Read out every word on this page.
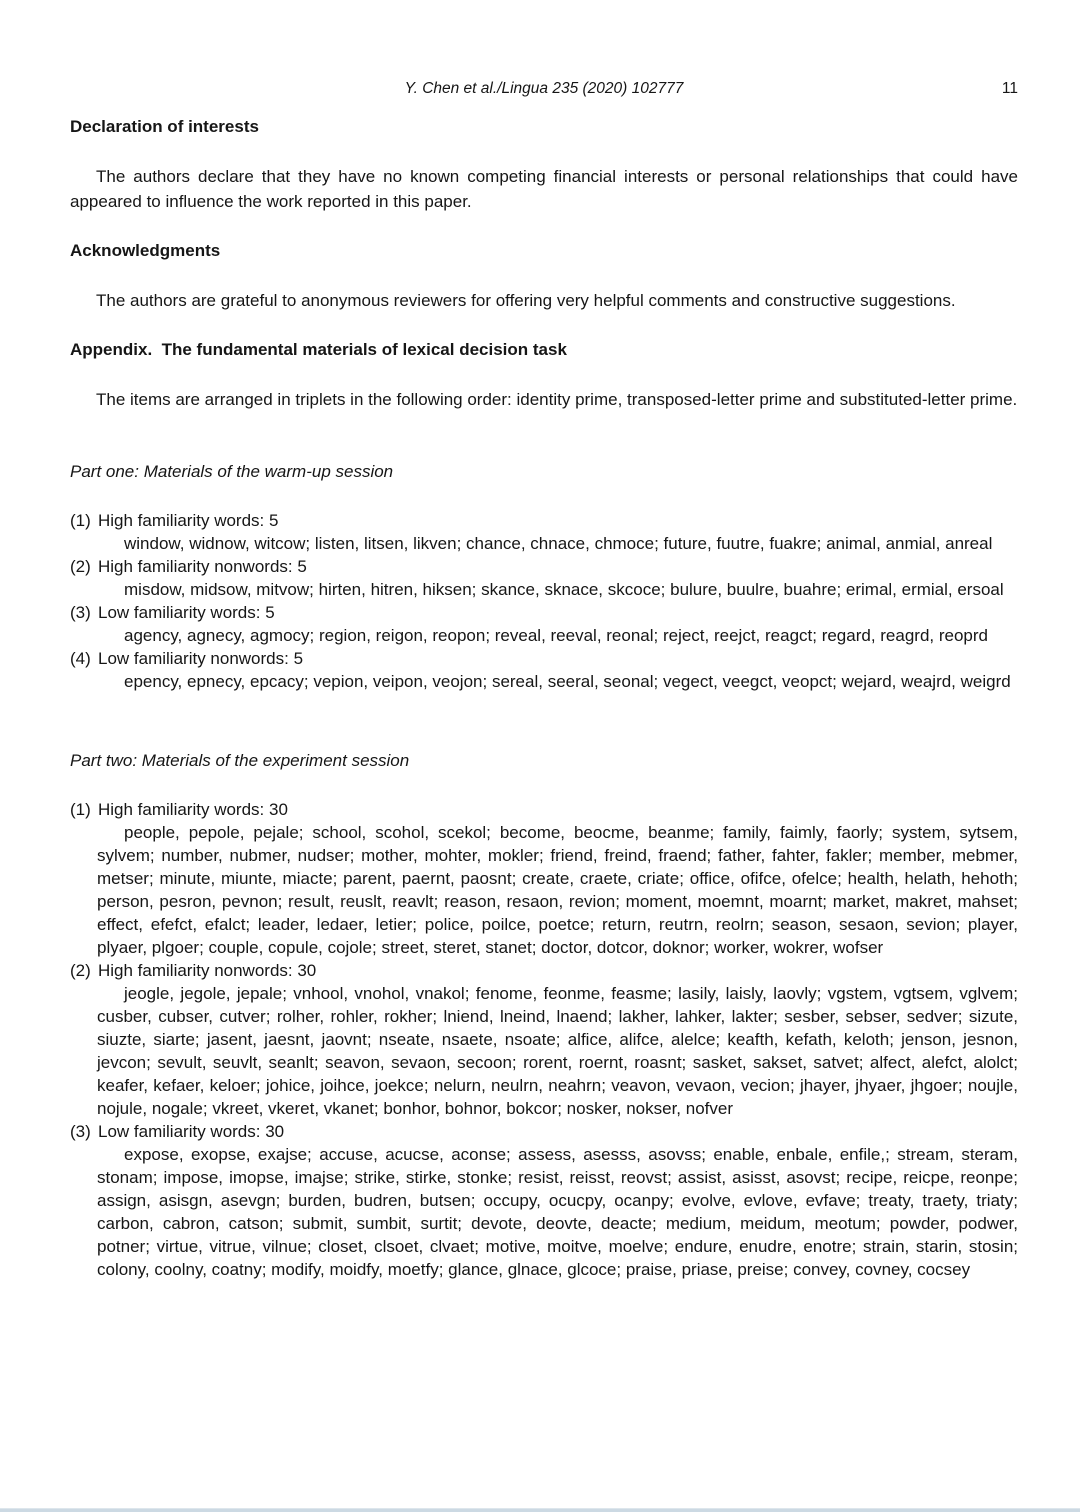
Y. Chen et al./Lingua 235 (2020) 102777	11
Declaration of interests

The authors declare that they have no known competing financial interests or personal relationships that could have appeared to influence the work reported in this paper.

Acknowledgments

The authors are grateful to anonymous reviewers for offering very helpful comments and constructive suggestions.

Appendix.  The fundamental materials of lexical decision task

The items are arranged in triplets in the following order: identity prime, transposed-letter prime and substituted-letter prime.

Part one: Materials of the warm-up session
(1) High familiarity words: 5

window, widnow, witcow; listen, litsen, likven; chance, chnace, chmoce; future, fuutre, fuakre; animal, anmial, anreal

(2) High familiarity nonwords: 5

misdow, midsow, mitvow; hirten, hitren, hiksen; skance, sknace, skcoce; bulure, buulre, buahre; erimal, ermial, ersoal

(3) Low familiarity words: 5

agency, agnecy, agmocy; region, reigon, reopon; reveal, reeval, reonal; reject, reejct, reagct; regard, reagrd, reoprd

(4) Low familiarity nonwords: 5

epency, epnecy, epcacy; vepion, veipon, veojon; sereal, seeral, seonal; vegect, veegct, veopct; wejard, weajrd, weigrd

Part two: Materials of the experiment session
(1) High familiarity words: 30

people, pepole, pejale; school, scohol, scekol; become, beocme, beanme; family, faimly, faorly; system, sytsem, sylvem; number, nubmer, nudser; mother, mohter, mokler; friend, freind, fraend; father, fahter, fakler; member, mebmer, metser; minute, miunte, miacte; parent, paernt, paosnt; create, craete, criate; office, ofifce, ofelce; health, helath, hehoth; person, pesron, pevnon; result, reuslt, reavlt; reason, resaon, revion; moment, moemnt, moarnt; market, makret, mahset; effect, efefct, efalct; leader, ledaer, letier; police, poilce, poetce; return, reutrn, reolrn; season, sesaon, sevion; player, plyaer, plgoer; couple, copule, cojole; street, steret, stanet; doctor, dotcor, doknor; worker, wokrer, wofser

(2) High familiarity nonwords: 30

jeogle, jegole, jepale; vnhool, vnohol, vnakol; fenome, feonme, feasme; lasily, laisly, laovly; vgstem, vgtsem, vglvem; cusber, cubser, cutver; rolher, rohler, rokher; lniend, lneind, lnaend; lakher, lahker, lakter; sesber, sebser, sedver; sizute, siuzte, siarte; jasent, jaesnt, jaovnt; nseate, nsaete, nsoate; alfice, alifce, alelce; keafth, kefath, keloth; jenson, jesnon, jevcon; sevult, seuvlt, seanlt; seavon, sevaon, secoon; rorent, roernt, roasnt; sasket, sakset, satvet; alfect, alefct, alolct; keafer, kefaer, keloer; johice, joihce, joekce; nelurn, neulrn, neahrn; veavon, vevaon, vecion; jhayer, jhyaer, jhgoer; noujle, nojule, nogale; vkreet, vkeret, vkanet; bonhor, bohnor, bokcor; nosker, nokser, nofver

(3) Low familiarity words: 30

expose, exopse, exajse; accuse, acucse, aconse; assess, asesss, asovss; enable, enbale, enfile,; stream, steram, stonam; impose, imopse, imajse; strike, stirke, stonke; resist, reisst, reovst; assist, asisst, asovst; recipe, reicpe, reonpe; assign, asisgn, asevgn; burden, budren, butsen; occupy, ocucpy, ocanpy; evolve, evlove, evfave; treaty, traety, triaty; carbon, cabron, catson; submit, sumbit, surtit; devote, deovte, deacte; medium, meidum, meotum; powder, podwer, potner; virtue, vitrue, vilnue; closet, clsoet, clvaet; motive, moitve, moelve; endure, enudre, enotre; strain, starin, stosin; colony, coolny, coatny; modify, moidfy, moetfy; glance, glnace, glcoce; praise, priase, preise; convey, covney, cocsey
